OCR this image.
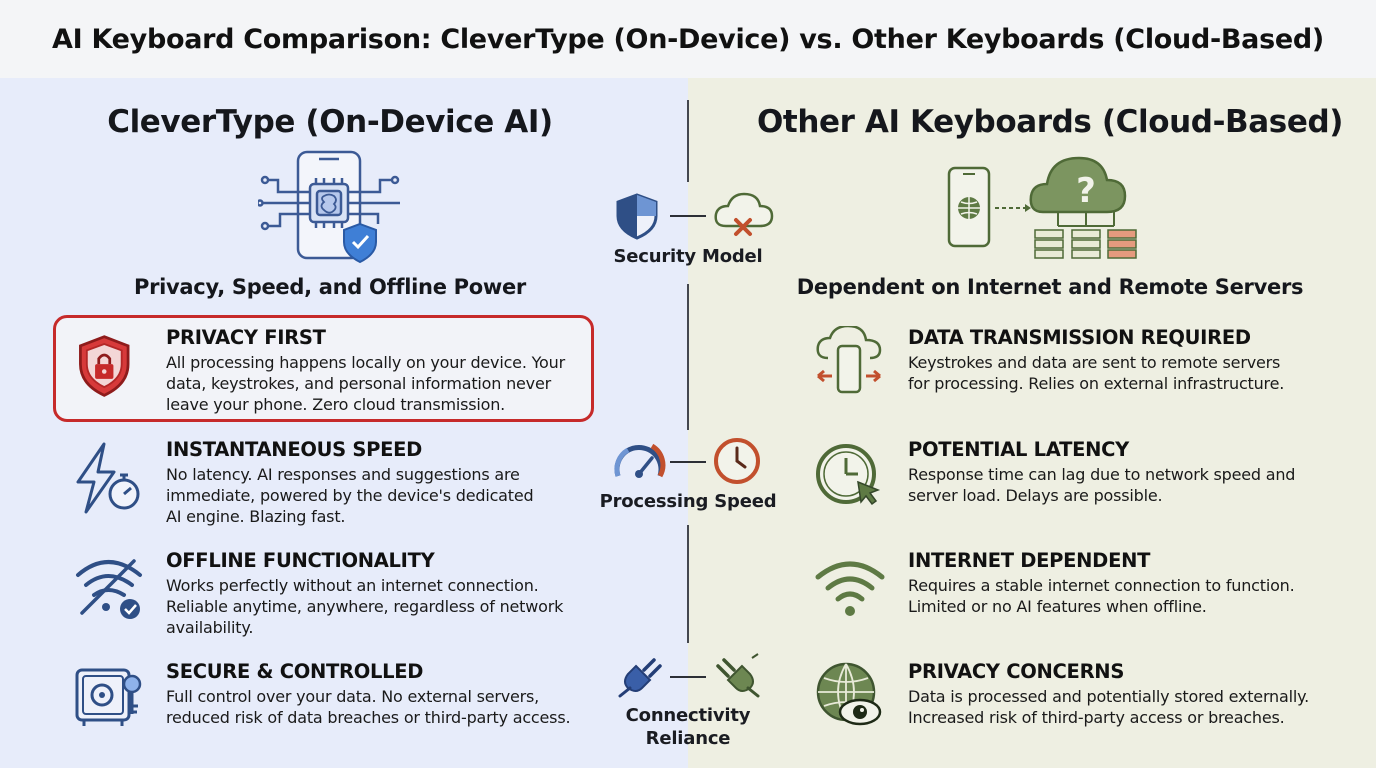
AI Keyboard Comparison: CleverType (On-Device) vs. Other Keyboards (Cloud-Based)
CleverType (On-Device AI)
Privacy, Speed, and Offline Power
PRIVACY FIRST
All processing happens locally on your device. Your
data, keystrokes, and personal information never
leave your phone. Zero cloud transmission.
INSTANTANEOUS SPEED
No latency. AI responses and suggestions are
immediate, powered by the device's dedicated
AI engine. Blazing fast.
OFFLINE FUNCTIONALITY
Works perfectly without an internet connection.
Reliable anytime, anywhere, regardless of network
availability.
SECURE & CONTROLLED
Full control over your data. No external servers,
reduced risk of data breaches or third-party access.
Other AI Keyboards (Cloud-Based)
?
Dependent on Internet and Remote Servers
DATA TRANSMISSION REQUIRED
Keystrokes and data are sent to remote servers
for processing. Relies on external infrastructure.
POTENTIAL LATENCY
Response time can lag due to network speed and
server load. Delays are possible.
INTERNET DEPENDENT
Requires a stable internet connection to function.
Limited or no AI features when offline.
PRIVACY CONCERNS
Data is processed and potentially stored externally.
Increased risk of third-party access or breaches.
Security Model
Processing Speed
Connectivity
Reliance
